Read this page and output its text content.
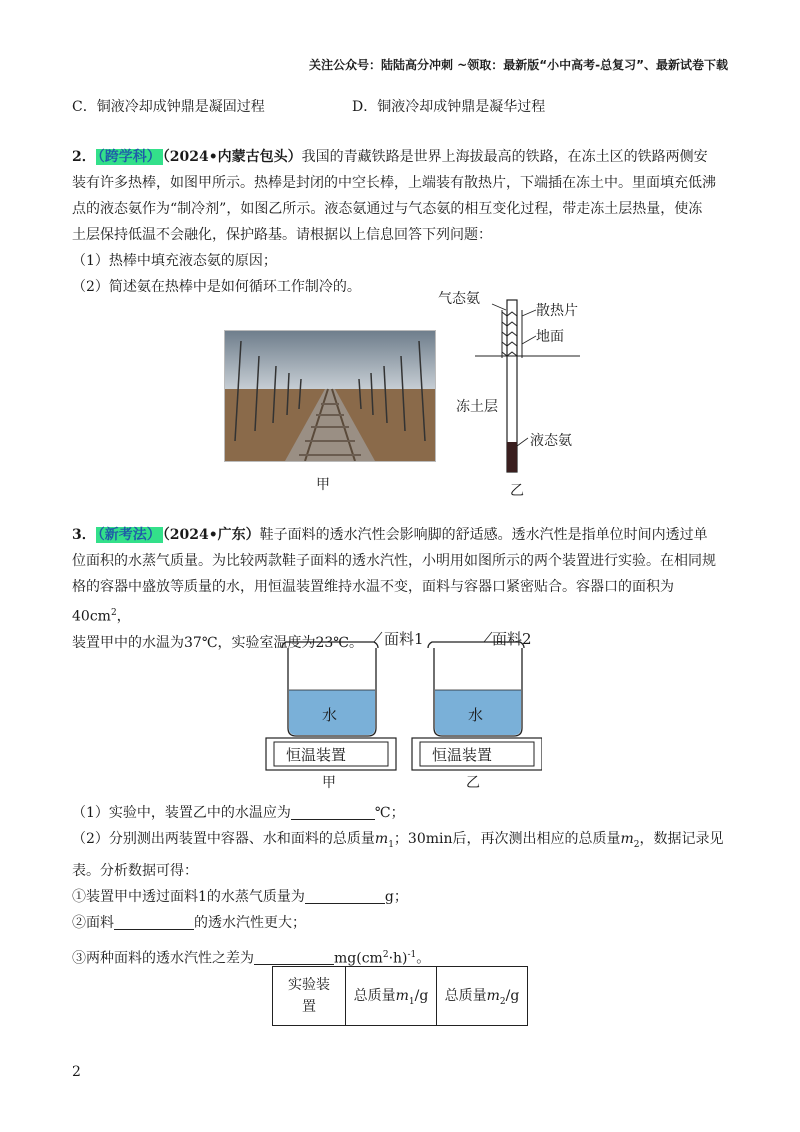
关注公众号：陆陆高分冲刺 ~领取：最新版“小中高考-总复习”、最新试卷下载
C．铜液冷却成钟鼎是凝固过程	D．铜液冷却成钟鼎是凝华过程
2． （跨学科） （2024•内蒙古包头）我国的青藏铁路是世界上海拔最高的铁路，在冻土区的铁路两侧安
装有许多热棒，如图甲所示。热棒是封闭的中空长棒，上端装有散热片，下端插在冻土中。里面填充低沸
点的液态氨作为“制冷剂”，如图乙所示。液态氨通过与气态氨的相互变化过程，带走冻土层热量，使冻
土层保持低温不会融化，保护路基。请根据以上信息回答下列问题：
（1）热棒中填充液态氨的原因；
（2）简述氨在热棒中是如何循环工作制冷的。
甲
气态氨
散热片
地面
冻土层
液态氨
乙
3． （新考法） （2024•广东）鞋子面料的透水汽性会影响脚的舒适感。透水汽性是指单位时间内透过单
位面积的水蒸气质量。为比较两款鞋子面料的透水汽性，小明用如图所示的两个装置进行实验。在相同规
格的容器中盛放等质量的水，用恒温装置维持水温不变，面料与容器口紧密贴合。容器口的面积为$40cm^2$，
装置甲中的水温为37℃，实验室温度为23℃。	面料1	面料2
水	水
恒温装置	恒温装置
甲	乙
（1）实验中，装置乙中的水温应为	℃；
（2）分别测出两装置中容器、水和面料的总质量$m_1$；30min后，再次测出相应的总质量$m_2$，数据记录见
表。分析数据可得：
①装置甲中透过面料1的水蒸气质量为	g；
②面料	的透水汽性更大；
③两种面料的透水汽性之差为	$mg(cm^2\cdot h)^{-1}$。
实验装
置	总质量$m_1/g$	总质量$m_2/g$
2
